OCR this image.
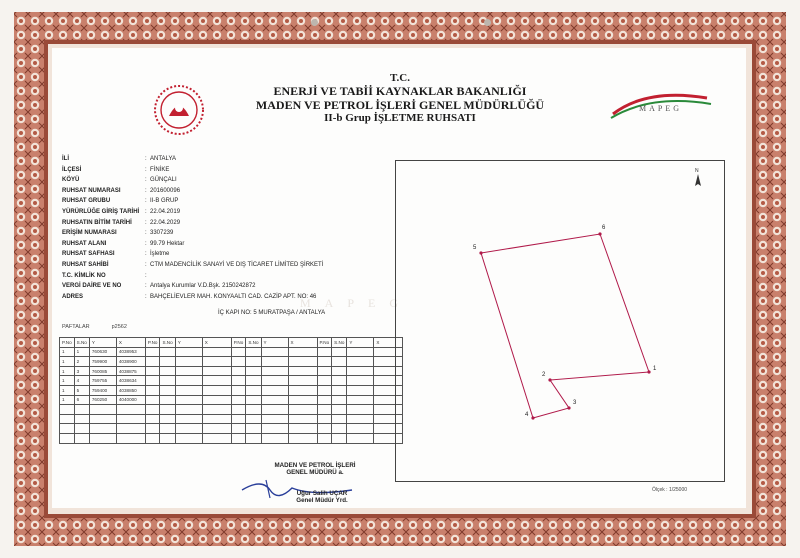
MAPEG
T.C.
ENERJİ VE TABİİ KAYNAKLAR BAKANLIĞI
MADEN VE PETROL İŞLERİ GENEL MÜDÜRLÜĞÜ
II-b Grup İŞLETME RUHSATI
MAPEG
İLİ	: ANTALYA
İLÇESİ	: FİNİKE
KÖYÜ	: GÜNÇALI
RUHSAT NUMARASI	: 201600096
RUHSAT GRUBU	: II-B GRUP
YÜRÜRLÜĞE GİRİŞ TARİHİ : 22.04.2019
RUHSATIN BİTİM TARİHİ : 22.04.2029
ERİŞİM NUMARASI	: 3307239
RUHSAT ALANI	: 99.79 Hektar
RUHSAT SAFHASI	: İşletme
RUHSAT SAHİBİ	: CTM MADENCİLİK SANAYİ VE DIŞ TİCARET LİMİTED ŞİRKETİ
T.C. KİMLİK NO	:
VERGİ DAİRE VE NO	: Antalya Kurumlar V.D.Bşk. 2150242872
ADRES	: BAHÇELİEVLER MAH. KONYAALTI CAD. CAZİP APT. NO: 46
İÇ KAPI NO: 5 MURATPAŞA / ANTALYA
PAFTALAR	p2562
P.No	S.No	Y	X	P.No	S.No	Y	X	P.No	S.No	Y	X	P.No	S.No	Y	X
1	1	760630	4038953												
1	2	759900	4038900												
1	3	760085	4038875												
1	4	759755	4038634												
1	5	759400	4038850												
1	6	760250	4040000												

MADEN VE PETROL İŞLERİ
GENEL MÜDÜRÜ a.
Uğur Salih UÇAR
Genel Müdür Yrd.
N
1
2
3
4
5
6
Ölçek : 1/25000
